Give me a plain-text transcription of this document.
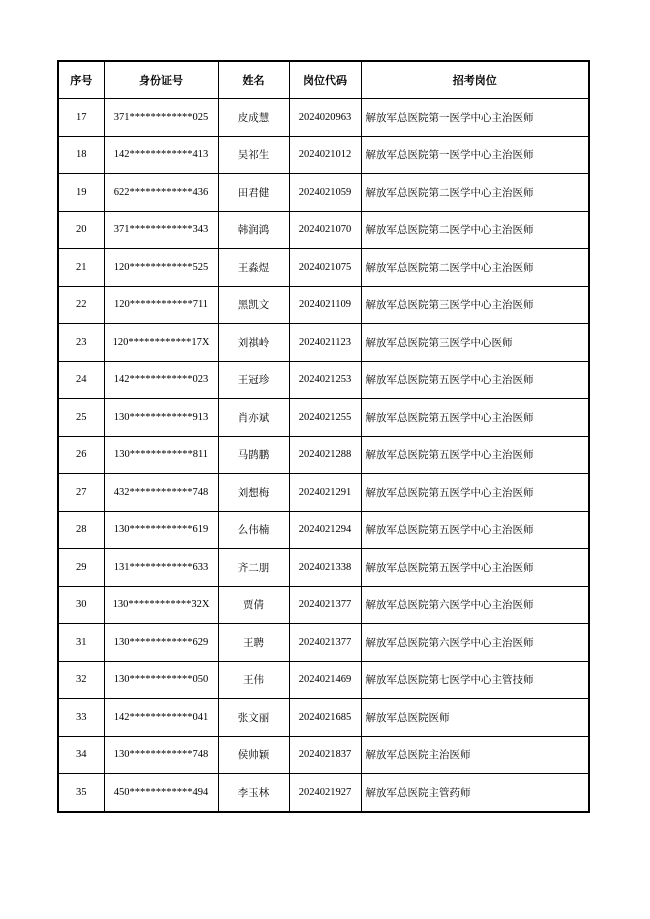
序号	身份证号	姓名	岗位代码	招考岗位
17	371************025	皮成慧	2024020963	解放军总医院第一医学中心主治医师
18	142************413	吴祁生	2024021012	解放军总医院第一医学中心主治医师
19	622************436	田君健	2024021059	解放军总医院第二医学中心主治医师
20	371************343	韩润鸿	2024021070	解放军总医院第二医学中心主治医师
21	120************525	王淼煜	2024021075	解放军总医院第二医学中心主治医师
22	120************711	黑凯文	2024021109	解放军总医院第三医学中心主治医师
23	120************17X	刘祺岭	2024021123	解放军总医院第三医学中心医师
24	142************023	王冠珍	2024021253	解放军总医院第五医学中心主治医师
25	130************913	肖亦斌	2024021255	解放军总医院第五医学中心主治医师
26	130************811	马鹍鹏	2024021288	解放军总医院第五医学中心主治医师
27	432************748	刘想梅	2024021291	解放军总医院第五医学中心主治医师
28	130************619	么伟楠	2024021294	解放军总医院第五医学中心主治医师
29	131************633	齐二朋	2024021338	解放军总医院第五医学中心主治医师
30	130************32X	贾倩	2024021377	解放军总医院第六医学中心主治医师
31	130************629	王聘	2024021377	解放军总医院第六医学中心主治医师
32	130************050	王伟	2024021469	解放军总医院第七医学中心主管技师
33	142************041	张文丽	2024021685	解放军总医院医师
34	130************748	侯帅颖	2024021837	解放军总医院主治医师
35	450************494	李玉林	2024021927	解放军总医院主管药师
